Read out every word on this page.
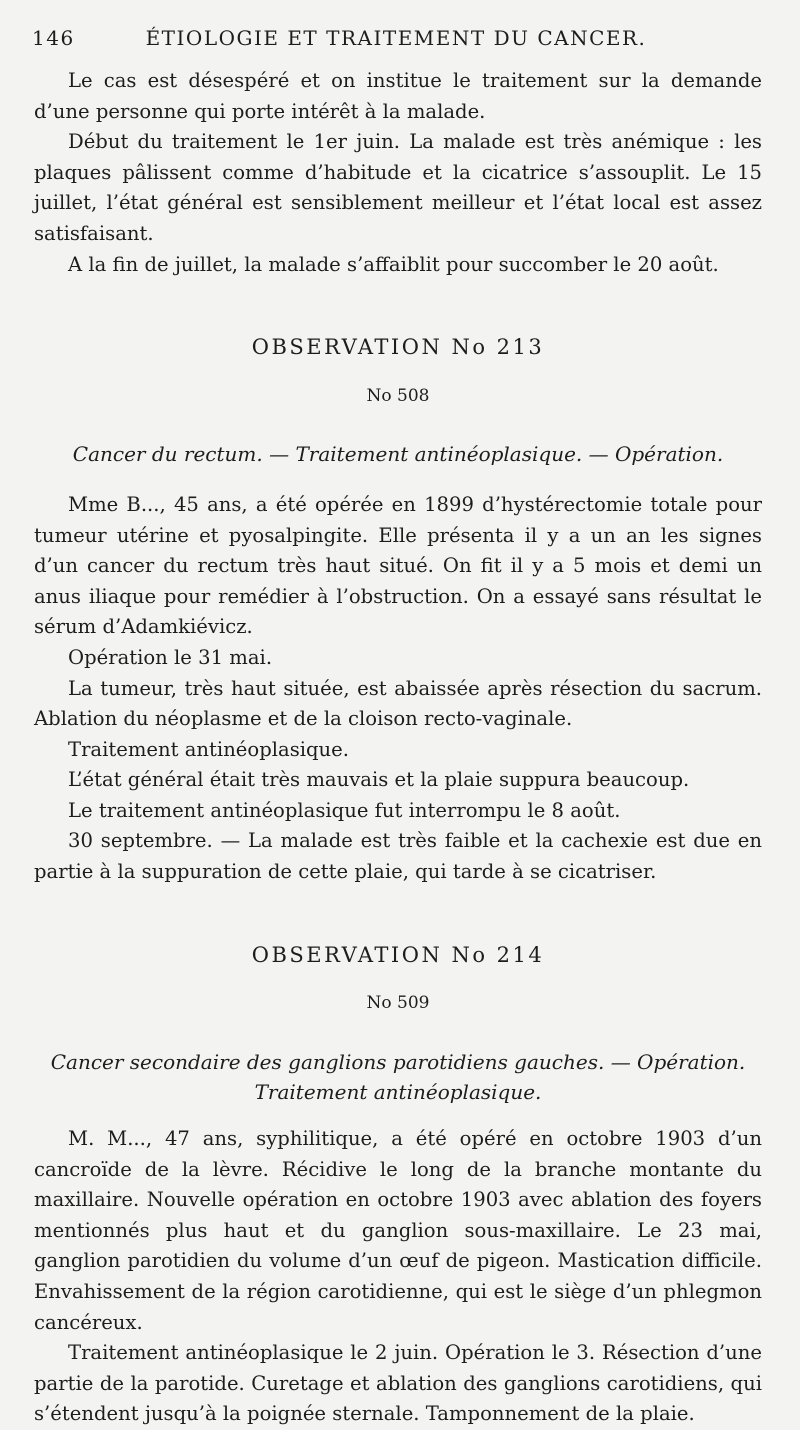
146	ÉTIOLOGIE ET TRAITEMENT DU CANCER.

Le cas est désespéré et on institue le traitement sur la demande d’une personne qui porte intérêt à la malade.

Début du traitement le 1er juin. La malade est très anémique : les plaques pâlissent comme d’habitude et la cicatrice s’assouplit. Le 15 juillet, l’état général est sensiblement meilleur et l’état local est assez satisfaisant.

A la fin de juillet, la malade s’affaiblit pour succomber le 20 août.

OBSERVATION No 213

No 508

Cancer du rectum. — Traitement antinéoplasique. — Opération.

Mme B..., 45 ans, a été opérée en 1899 d’hystérectomie totale pour tumeur utérine et pyosalpingite. Elle présenta il y a un an les signes d’un cancer du rectum très haut situé. On fit il y a 5 mois et demi un anus iliaque pour remédier à l’obstruction. On a essayé sans résultat le sérum d’Adamkiévicz.

Opération le 31 mai.

La tumeur, très haut située, est abaissée après résection du sacrum. Ablation du néoplasme et de la cloison recto-vaginale.

Traitement antinéoplasique.

L’état général était très mauvais et la plaie suppura beaucoup.

Le traitement antinéoplasique fut interrompu le 8 août.

30 septembre. — La malade est très faible et la cachexie est due en partie à la suppuration de cette plaie, qui tarde à se cicatriser.

OBSERVATION No 214

No 509

Cancer secondaire des ganglions parotidiens gauches. — Opération.

Traitement antinéoplasique.

M. M..., 47 ans, syphilitique, a été opéré en octobre 1903 d’un cancroïde de la lèvre. Récidive le long de la branche montante du maxillaire. Nouvelle opération en octobre 1903 avec ablation des foyers mentionnés plus haut et du ganglion sous-maxillaire. Le 23 mai, ganglion parotidien du volume d’un œuf de pigeon. Mastication difficile. Envahissement de la région carotidienne, qui est le siège d’un phlegmon cancéreux.

Traitement antinéoplasique le 2 juin. Opération le 3. Résection d’une partie de la parotide. Curetage et ablation des ganglions carotidiens, qui s’étendent jusqu’à la poignée sternale. Tamponnement de la plaie.
